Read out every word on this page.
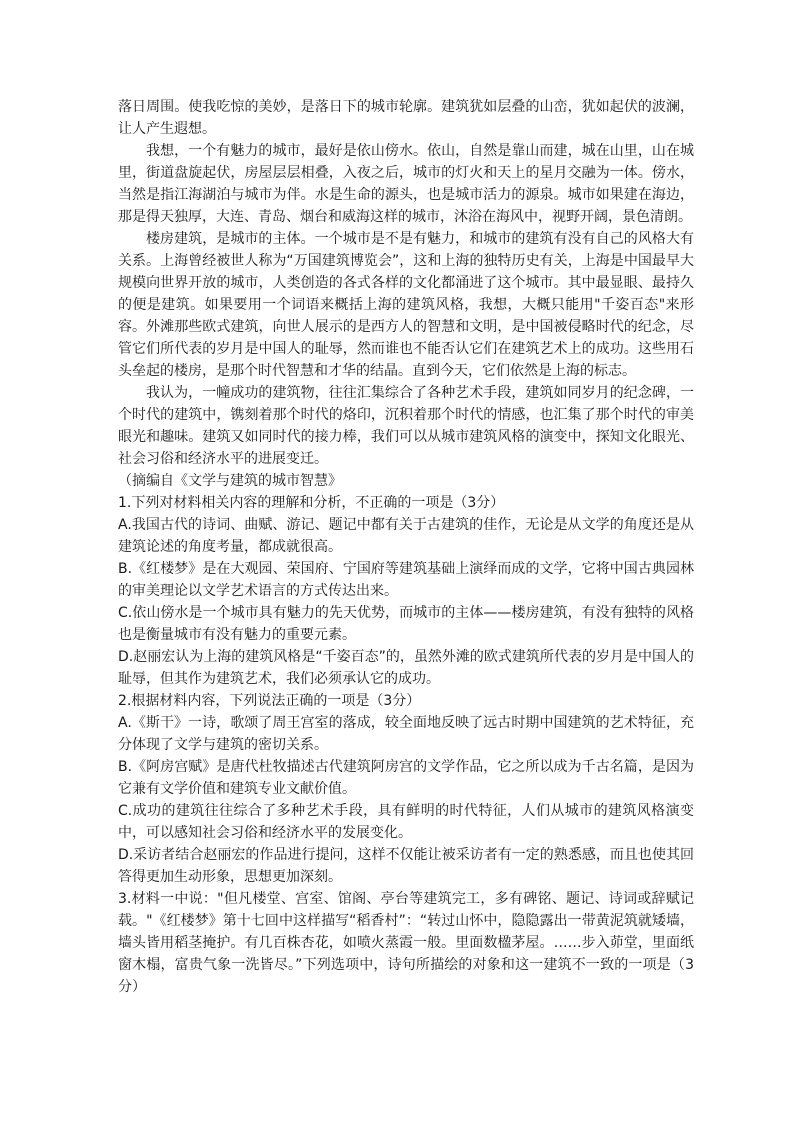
落日周围。使我吃惊的美妙，是落日下的城市轮廓。建筑犹如层叠的山峦，犹如起伏的波澜，让人产生遐想。

我想，一个有魅力的城市，最好是依山傍水。依山，自然是靠山而建，城在山里，山在城里，街道盘旋起伏，房屋层层相叠，入夜之后，城市的灯火和天上的星月交融为一体。傍水，当然是指江海湖泊与城市为伴。水是生命的源头，也是城市活力的源泉。城市如果建在海边，那是得天独厚，大连、青岛、烟台和威海这样的城市，沐浴在海风中，视野开阔，景色清朗。

楼房建筑，是城市的主体。一个城市是不是有魅力，和城市的建筑有没有自己的风格大有关系。上海曾经被世人称为“万国建筑博览会”，这和上海的独特历史有关，上海是中国最早大规模向世界开放的城市，人类创造的各式各样的文化都涌进了这个城市。其中最显眼、最持久的便是建筑。如果要用一个词语来概括上海的建筑风格，我想，大概只能用"千姿百态"来形容。外滩那些欧式建筑，向世人展示的是西方人的智慧和文明，是中国被侵略时代的纪念，尽管它们所代表的岁月是中国人的耻辱，然而谁也不能否认它们在建筑艺术上的成功。这些用石头垒起的楼房，是那个时代智慧和才华的结晶。直到今天，它们依然是上海的标志。

我认为，一幢成功的建筑物，往往汇集综合了各种艺术手段，建筑如同岁月的纪念碑，一个时代的建筑中，镌刻着那个时代的烙印，沉积着那个时代的情感，也汇集了那个时代的审美眼光和趣味。建筑又如同时代的接力棒，我们可以从城市建筑风格的演变中，探知文化眼光、社会习俗和经济水平的进展变迁。

（摘编自《文学与建筑的城市智慧》

1.下列对材料相关内容的理解和分析，不正确的一项是（3分）

A.我国古代的诗词、曲赋、游记、题记中都有关于古建筑的佳作，无论是从文学的角度还是从建筑论述的角度考量，都成就很高。

B.《红楼梦》是在大观园、荣国府、宁国府等建筑基础上演绎而成的文学，它将中国古典园林的审美理论以文学艺术语言的方式传达出来。

C.依山傍水是一个城市具有魅力的先天优势，而城市的主体——楼房建筑，有没有独特的风格也是衡量城市有没有魅力的重要元素。

D.赵丽宏认为上海的建筑风格是“千姿百态”的，虽然外滩的欧式建筑所代表的岁月是中国人的耻辱，但其作为建筑艺术，我们必须承认它的成功。

2.根据材料内容，下列说法正确的一项是（3分）

A.《斯干》一诗，歌颂了周王宫室的落成，较全面地反映了远古时期中国建筑的艺术特征，充分体现了文学与建筑的密切关系。

B.《阿房宫赋》是唐代杜牧描述古代建筑阿房宫的文学作品，它之所以成为千古名篇，是因为它兼有文学价值和建筑专业文献价值。

C.成功的建筑往往综合了多种艺术手段，具有鲜明的时代特征，人们从城市的建筑风格演变中，可以感知社会习俗和经济水平的发展变化。

D.采访者结合赵丽宏的作品进行提问，这样不仅能让被采访者有一定的熟悉感，而且也使其回答得更加生动形象，思想更加深刻。

3.材料一中说："但凡楼堂、宫室、馆阁、亭台等建筑完工，多有碑铭、题记、诗词或辞赋记载。"《红楼梦》第十七回中这样描写“稻香村”：“转过山怀中，隐隐露出一带黄泥筑就矮墙，墙头皆用稻茎掩护。有几百株杏花，如喷火蒸霞一般。里面数楹茅屋。……步入茆堂，里面纸窗木榻，富贵气象一洗皆尽。”下列选项中，诗句所描绘的对象和这一建筑不一致的一项是（3分）
